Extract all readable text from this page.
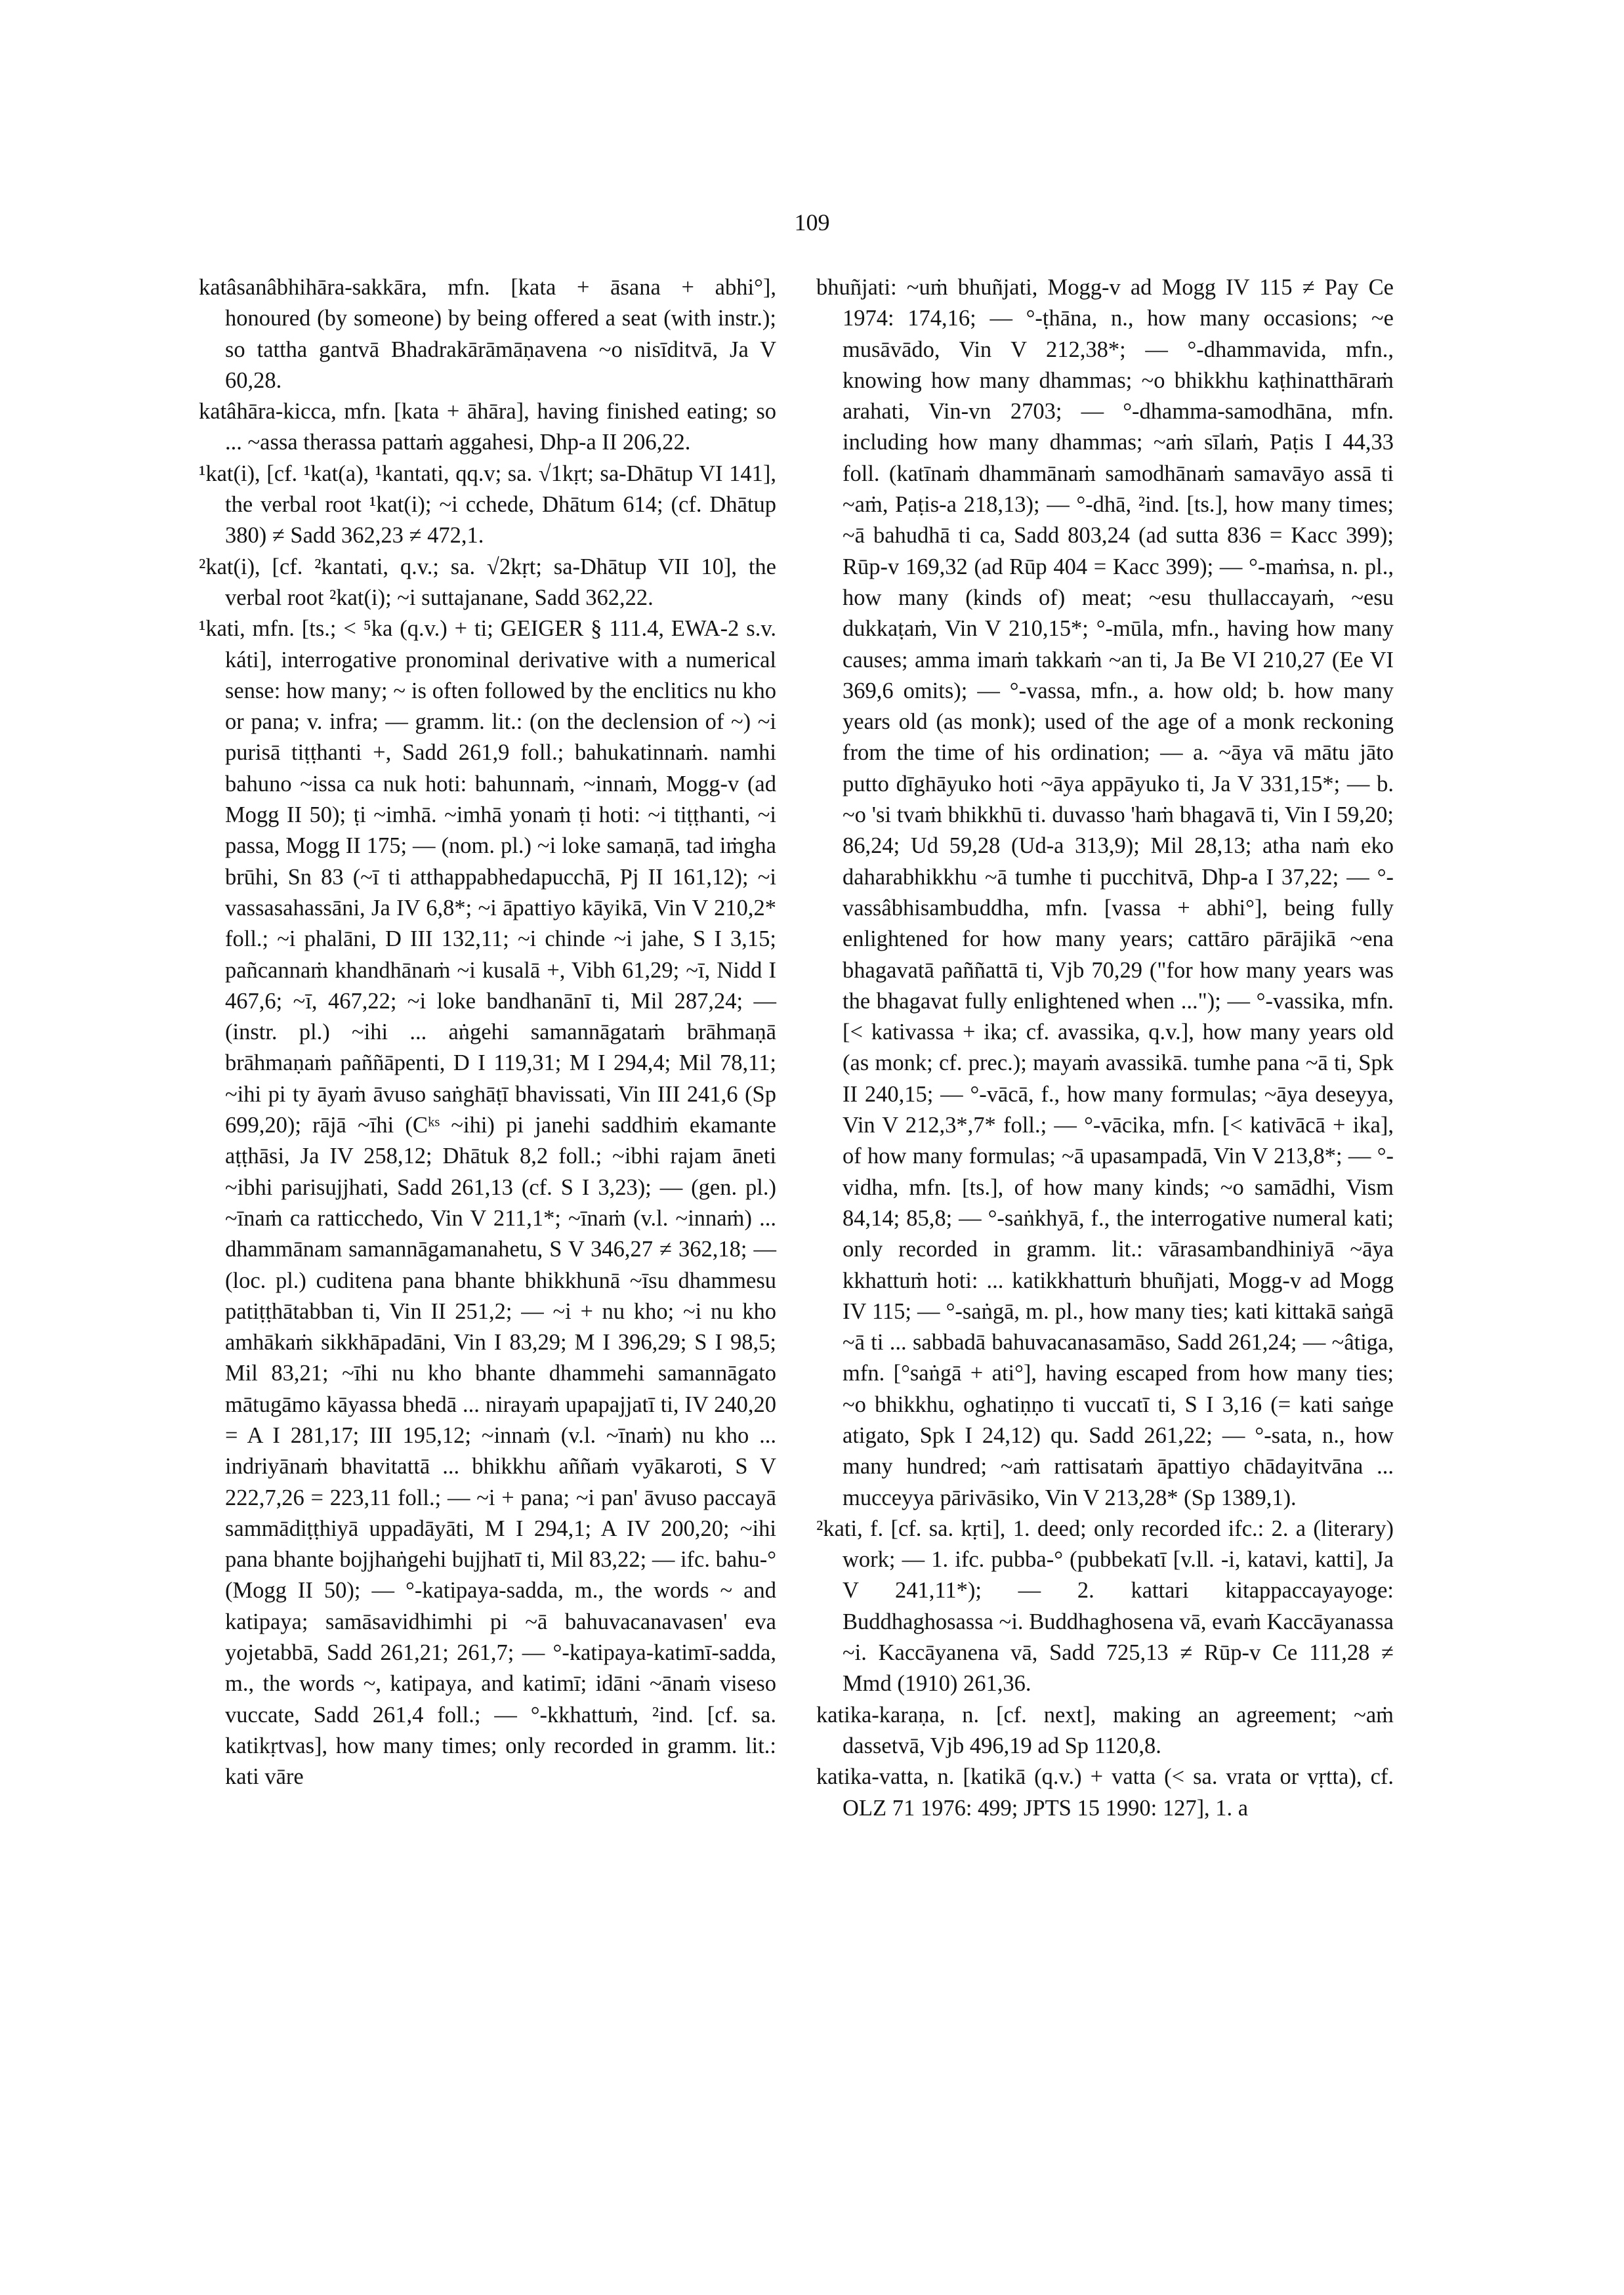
109

katâsanâbhihāra-sakkāra, mfn. [kata + āsana + abhi°], honoured (by someone) by being offered a seat (with instr.); so tattha gantvā Bhadrakārāmāṇavena ~o nisīditvā, Ja V 60,28.

katâhāra-kicca, mfn. [kata + āhāra], having finished eating; so ... ~assa therassa pattaṁ aggahesi, Dhp-a II 206,22.

¹kat(i), [cf. ¹kat(a), ¹kantati, qq.v; sa. √1kṛt; sa-Dhātup VI 141], the verbal root ¹kat(i); ~i cchede, Dhātum 614; (cf. Dhātup 380) ≠ Sadd 362,23 ≠ 472,1.

²kat(i), [cf. ²kantati, q.v.; sa. √2kṛt; sa-Dhātup VII 10], the verbal root ²kat(i); ~i suttajanane, Sadd 362,22.

¹kati, mfn. [ts.; < ⁵ka (q.v.) + ti; GEIGER § 111.4, EWA-2 s.v. káti], interrogative pronominal derivative with a numerical sense: how many; ~ is often followed by the enclitics nu kho or pana; v. infra; — gramm. lit.: (on the declension of ~) ~i purisā tiṭṭhanti +, Sadd 261,9 foll.; bahukatinnaṁ. namhi bahuno ~issa ca nuk hoti: bahunnaṁ, ~innaṁ, Mogg-v (ad Mogg II 50); ṭi ~imhā. ~imhā yonaṁ ṭi hoti: ~i tiṭṭhanti, ~i passa, Mogg II 175; — (nom. pl.) ~i loke samaṇā, tad iṁgha brūhi, Sn 83 (~ī ti atthappabhedapucchā, Pj II 161,12); ~i vassasahassāni, Ja IV 6,8*; ~i āpattiyo kāyikā, Vin V 210,2* foll.; ~i phalāni, D III 132,11; ~i chinde ~i jahe, S I 3,15; pañcannaṁ khandhānaṁ ~i kusalā +, Vibh 61,29; ~ī, Nidd I 467,6; ~ī, 467,22; ~i loke bandhanānī ti, Mil 287,24; — (instr. pl.) ~ihi ... aṅgehi samannāgataṁ brāhmaṇā brāhmaṇaṁ paññāpenti, D I 119,31; M I 294,4; Mil 78,11; ~ihi pi ty āyaṁ āvuso saṅghāṭī bhavissati, Vin III 241,6 (Sp 699,20); rājā ~īhi (Cᵏˢ ~ihi) pi janehi saddhiṁ ekamante aṭṭhāsi, Ja IV 258,12; Dhātuk 8,2 foll.; ~ibhi rajam āneti ~ibhi parisujjhati, Sadd 261,13 (cf. S I 3,23); — (gen. pl.) ~īnaṁ ca ratticchedo, Vin V 211,1*; ~īnaṁ (v.l. ~innaṁ) ... dhammānam samannāgamanahetu, S V 346,27 ≠ 362,18; — (loc. pl.) cuditena pana bhante bhikkhunā ~īsu dhammesu patiṭṭhātabban ti, Vin II 251,2; — ~i + nu kho; ~i nu kho amhākaṁ sikkhāpadāni, Vin I 83,29; M I 396,29; S I 98,5; Mil 83,21; ~īhi nu kho bhante dhammehi samannāgato mātugāmo kāyassa bhedā ... nirayaṁ upapajjatī ti, IV 240,20 = A I 281,17; III 195,12; ~innaṁ (v.l. ~īnaṁ) nu kho ... indriyānaṁ bhavitattā ... bhikkhu aññaṁ vyākaroti, S V 222,7,26 = 223,11 foll.; — ~i + pana; ~i pan' āvuso paccayā sammādiṭṭhiyā uppadāyāti, M I 294,1; A IV 200,20; ~ihi pana bhante bojjhaṅgehi bujjhatī ti, Mil 83,22; — ifc. bahu-° (Mogg II 50); — °-katipaya-sadda, m., the words ~ and katipaya; samāsavidhimhi pi ~ā bahuvacanavasen' eva yojetabbā, Sadd 261,21; 261,7; — °-katipaya-katimī-sadda, m., the words ~, katipaya, and katimī; idāni ~ānaṁ viseso vuccate, Sadd 261,4 foll.; — °-kkhattuṁ, ²ind. [cf. sa. katikṛtvas], how many times; only recorded in gramm. lit.: kati vāre

bhuñjati: ~uṁ bhuñjati, Mogg-v ad Mogg IV 115 ≠ Pay Ce 1974: 174,16; — °-ṭhāna, n., how many occasions; ~e musāvādo, Vin V 212,38*; — °-dhammavida, mfn., knowing how many dhammas; ~o bhikkhu kaṭhinatthāraṁ arahati, Vin-vn 2703; — °-dhamma-samodhāna, mfn. including how many dhammas; ~aṁ sīlaṁ, Paṭis I 44,33 foll. (katīnaṁ dhammānaṁ samodhānaṁ samavāyo assā ti ~aṁ, Paṭis-a 218,13); — °-dhā, ²ind. [ts.], how many times; ~ā bahudhā ti ca, Sadd 803,24 (ad sutta 836 = Kacc 399); Rūp-v 169,32 (ad Rūp 404 = Kacc 399); — °-maṁsa, n. pl., how many (kinds of) meat; ~esu thullaccayaṁ, ~esu dukkaṭaṁ, Vin V 210,15*; °-mūla, mfn., having how many causes; amma imaṁ takkaṁ ~an ti, Ja Be VI 210,27 (Ee VI 369,6 omits); — °-vassa, mfn., a. how old; b. how many years old (as monk); used of the age of a monk reckoning from the time of his ordination; — a. ~āya vā mātu jāto putto dīghāyuko hoti ~āya appāyuko ti, Ja V 331,15*; — b. ~o 'si tvaṁ bhikkhū ti. duvasso 'haṁ bhagavā ti, Vin I 59,20; 86,24; Ud 59,28 (Ud-a 313,9); Mil 28,13; atha naṁ eko daharabhikkhu ~ā tumhe ti pucchitvā, Dhp-a I 37,22; — °-vassâbhisambuddha, mfn. [vassa + abhi°], being fully enlightened for how many years; cattāro pārājikā ~ena bhagavatā paññattā ti, Vjb 70,29 ("for how many years was the bhagavat fully enlightened when ..."); — °-vassika, mfn. [< kativassa + ika; cf. avassika, q.v.], how many years old (as monk; cf. prec.); mayaṁ avassikā. tumhe pana ~ā ti, Spk II 240,15; — °-vācā, f., how many formulas; ~āya deseyya, Vin V 212,3*,7* foll.; — °-vācika, mfn. [< kativācā + ika], of how many formulas; ~ā upasampadā, Vin V 213,8*; — °-vidha, mfn. [ts.], of how many kinds; ~o samādhi, Vism 84,14; 85,8; — °-saṅkhyā, f., the interrogative numeral kati; only recorded in gramm. lit.: vārasambandhiniyā ~āya kkhattuṁ hoti: ... katikkhattuṁ bhuñjati, Mogg-v ad Mogg IV 115; — °-saṅgā, m. pl., how many ties; kati kittakā saṅgā ~ā ti ... sabbadā bahuvacanasamāso, Sadd 261,24; — ~âtiga, mfn. [°saṅgā + ati°], having escaped from how many ties; ~o bhikkhu, oghatiṇṇo ti vuccatī ti, S I 3,16 (= kati saṅge atigato, Spk I 24,12) qu. Sadd 261,22; — °-sata, n., how many hundred; ~aṁ rattisataṁ āpattiyo chādayitvāna ... mucceyya pārivāsiko, Vin V 213,28* (Sp 1389,1).

²kati, f. [cf. sa. kṛti], 1. deed; only recorded ifc.: 2. a (literary) work; — 1. ifc. pubba-° (pubbekatī [v.ll. -i, katavi, katti], Ja V 241,11*); — 2. kattari kitappaccayayoge: Buddhaghosassa ~i. Buddhaghosena vā, evaṁ Kaccāyanassa ~i. Kaccāyanena vā, Sadd 725,13 ≠ Rūp-v Ce 111,28 ≠ Mmd (1910) 261,36.

katika-karaṇa, n. [cf. next], making an agreement; ~aṁ dassetvā, Vjb 496,19 ad Sp 1120,8.

katika-vatta, n. [katikā (q.v.) + vatta (< sa. vrata or vṛtta), cf. OLZ 71 1976: 499; JPTS 15 1990: 127], 1. a
